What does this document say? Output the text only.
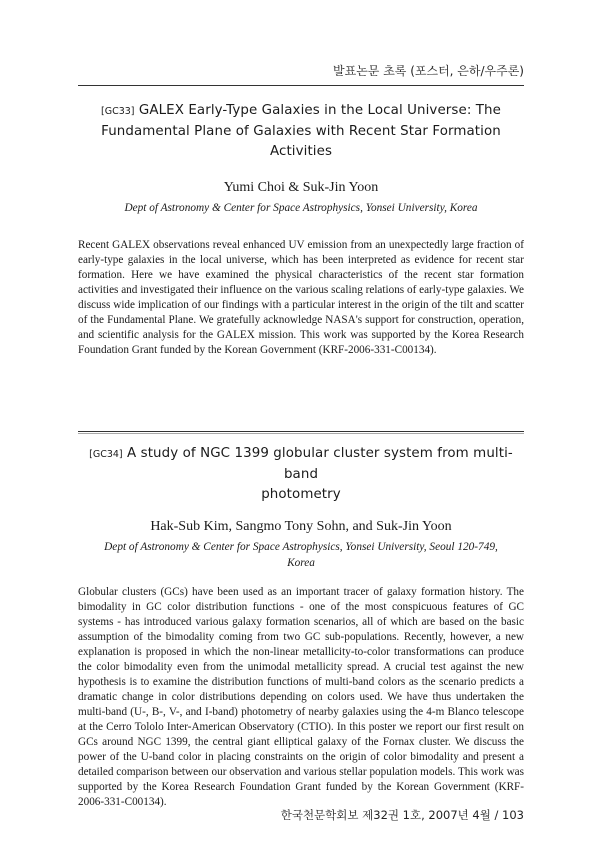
발표논문 초록 (포스터, 은하/우주론)
[GC33] GALEX Early-Type Galaxies in the Local Universe: The
Fundamental Plane of Galaxies with Recent Star Formation Activities
Yumi Choi & Suk-Jin Yoon
Dept of Astronomy & Center for Space Astrophysics, Yonsei University, Korea
Recent GALEX observations reveal enhanced UV emission from an unexpectedly large fraction of early-type galaxies in the local universe, which has been interpreted as evidence for recent star formation. Here we have examined the physical characteristics of the recent star formation activities and investigated their influence on the various scaling relations of early-type galaxies. We discuss wide implication of our findings with a particular interest in the origin of the tilt and scatter of the Fundamental Plane. We gratefully acknowledge NASA's support for construction, operation, and scientific analysis for the GALEX mission. This work was supported by the Korea Research Foundation Grant funded by the Korean Government (KRF-2006-331-C00134).
[GC34] A study of NGC 1399 globular cluster system from multi-band
photometry
Hak-Sub Kim, Sangmo Tony Sohn, and Suk-Jin Yoon
Dept of Astronomy & Center for Space Astrophysics, Yonsei University, Seoul 120-749,
Korea
Globular clusters (GCs) have been used as an important tracer of galaxy formation history. The bimodality in GC color distribution functions - one of the most conspicuous features of GC systems - has introduced various galaxy formation scenarios, all of which are based on the basic assumption of the bimodality coming from two GC sub-populations. Recently, however, a new explanation is proposed in which the non-linear metallicity-to-color transformations can produce the color bimodality even from the unimodal metallicity spread. A crucial test against the new hypothesis is to examine the distribution functions of multi-band colors as the scenario predicts a dramatic change in color distributions depending on colors used. We have thus undertaken the multi-band (U-, B-, V-, and I-band) photometry of nearby galaxies using the 4-m Blanco telescope at the Cerro Tololo Inter-American Observatory (CTIO). In this poster we report our first result on GCs around NGC 1399, the central giant elliptical galaxy of the Fornax cluster. We discuss the power of the U-band color in placing constraints on the origin of color bimodality and present a detailed comparison between our observation and various stellar population models. This work was supported by the Korea Research Foundation Grant funded by the Korean Government (KRF-2006-331-C00134).
한국천문학회보 제32권 1호, 2007년 4월 / 103
